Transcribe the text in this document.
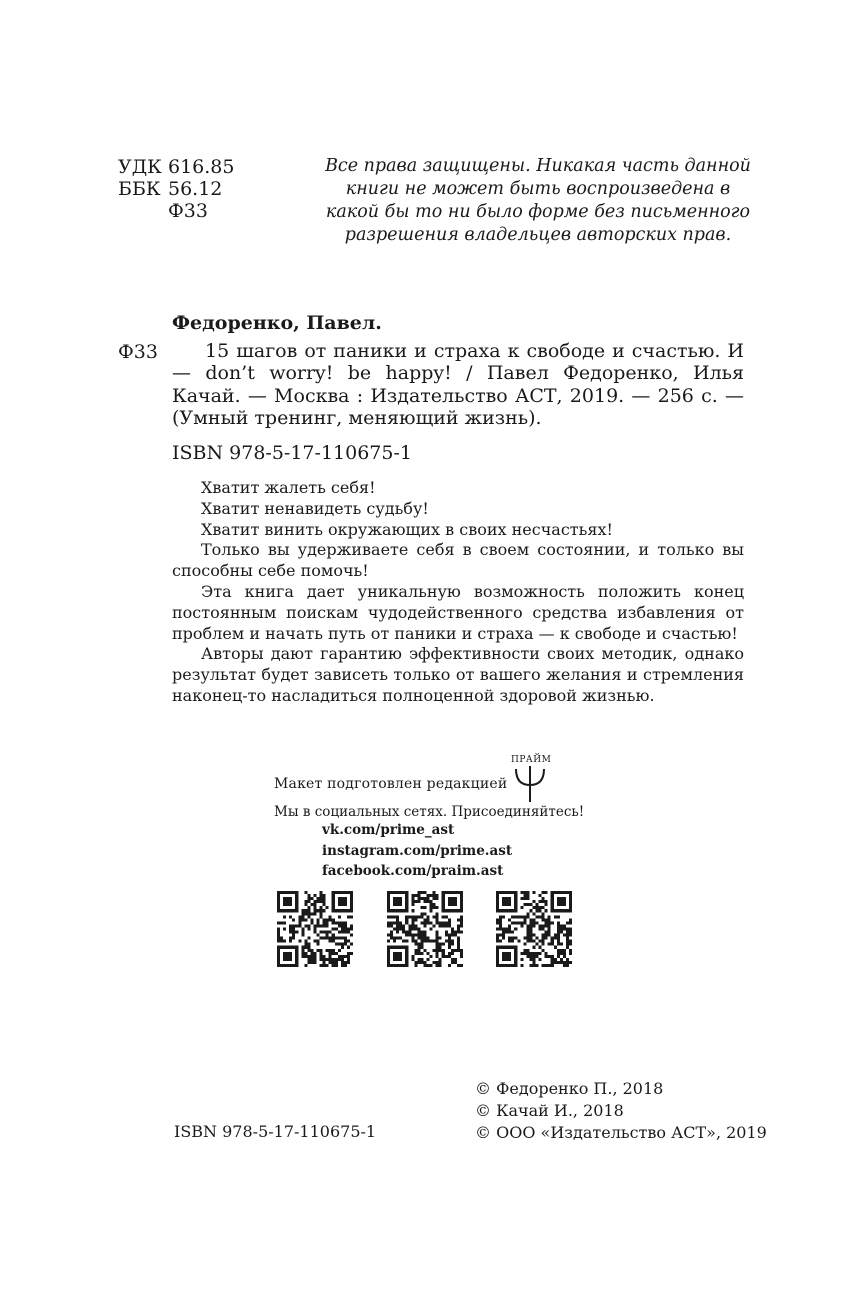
УДК 616.85
ББК 56.12
Ф33
Все права защищены. Никакая часть данной книги не может быть воспроизведена в какой бы то ни было форме без письменного разрешения владельцев авторских прав.
Федоренко, Павел.
Ф33	15 шагов от паники и страха к свободе и счастью. И — don’t worry! be happy! / Павел Федоренко, Илья Качай. — Москва : Издательство АСТ, 2019. — 256 с. — (Умный тренинг, меняющий жизнь).
ISBN 978-5-17-110675-1

Хватит жалеть себя!

Хватит ненавидеть судьбу!

Хватит винить окружающих в своих несчастьях!

Только вы удерживаете себя в своем состоянии, и только вы способны себе помочь!

Эта книга дает уникальную возможность положить конец постоянным поискам чудодейственного средства избавления от проблем и начать путь от паники и страха — к свободе и счастью!

Авторы дают гарантию эффективности своих методик, однако результат будет зависеть только от вашего желания и стремления наконец-то насладиться полноценной здоровой жизнью.

Макет подготовлен редакцией
ПРАЙМ
Мы в социальных сетях. Присоединяйтесь!
vk.com/prime_ast
instagram.com/prime.ast
facebook.com/praim.ast
ISBN 978-5-17-110675-1
© Федоренко П., 2018
© Качай И., 2018
© ООО «Издательство АСТ», 2019
